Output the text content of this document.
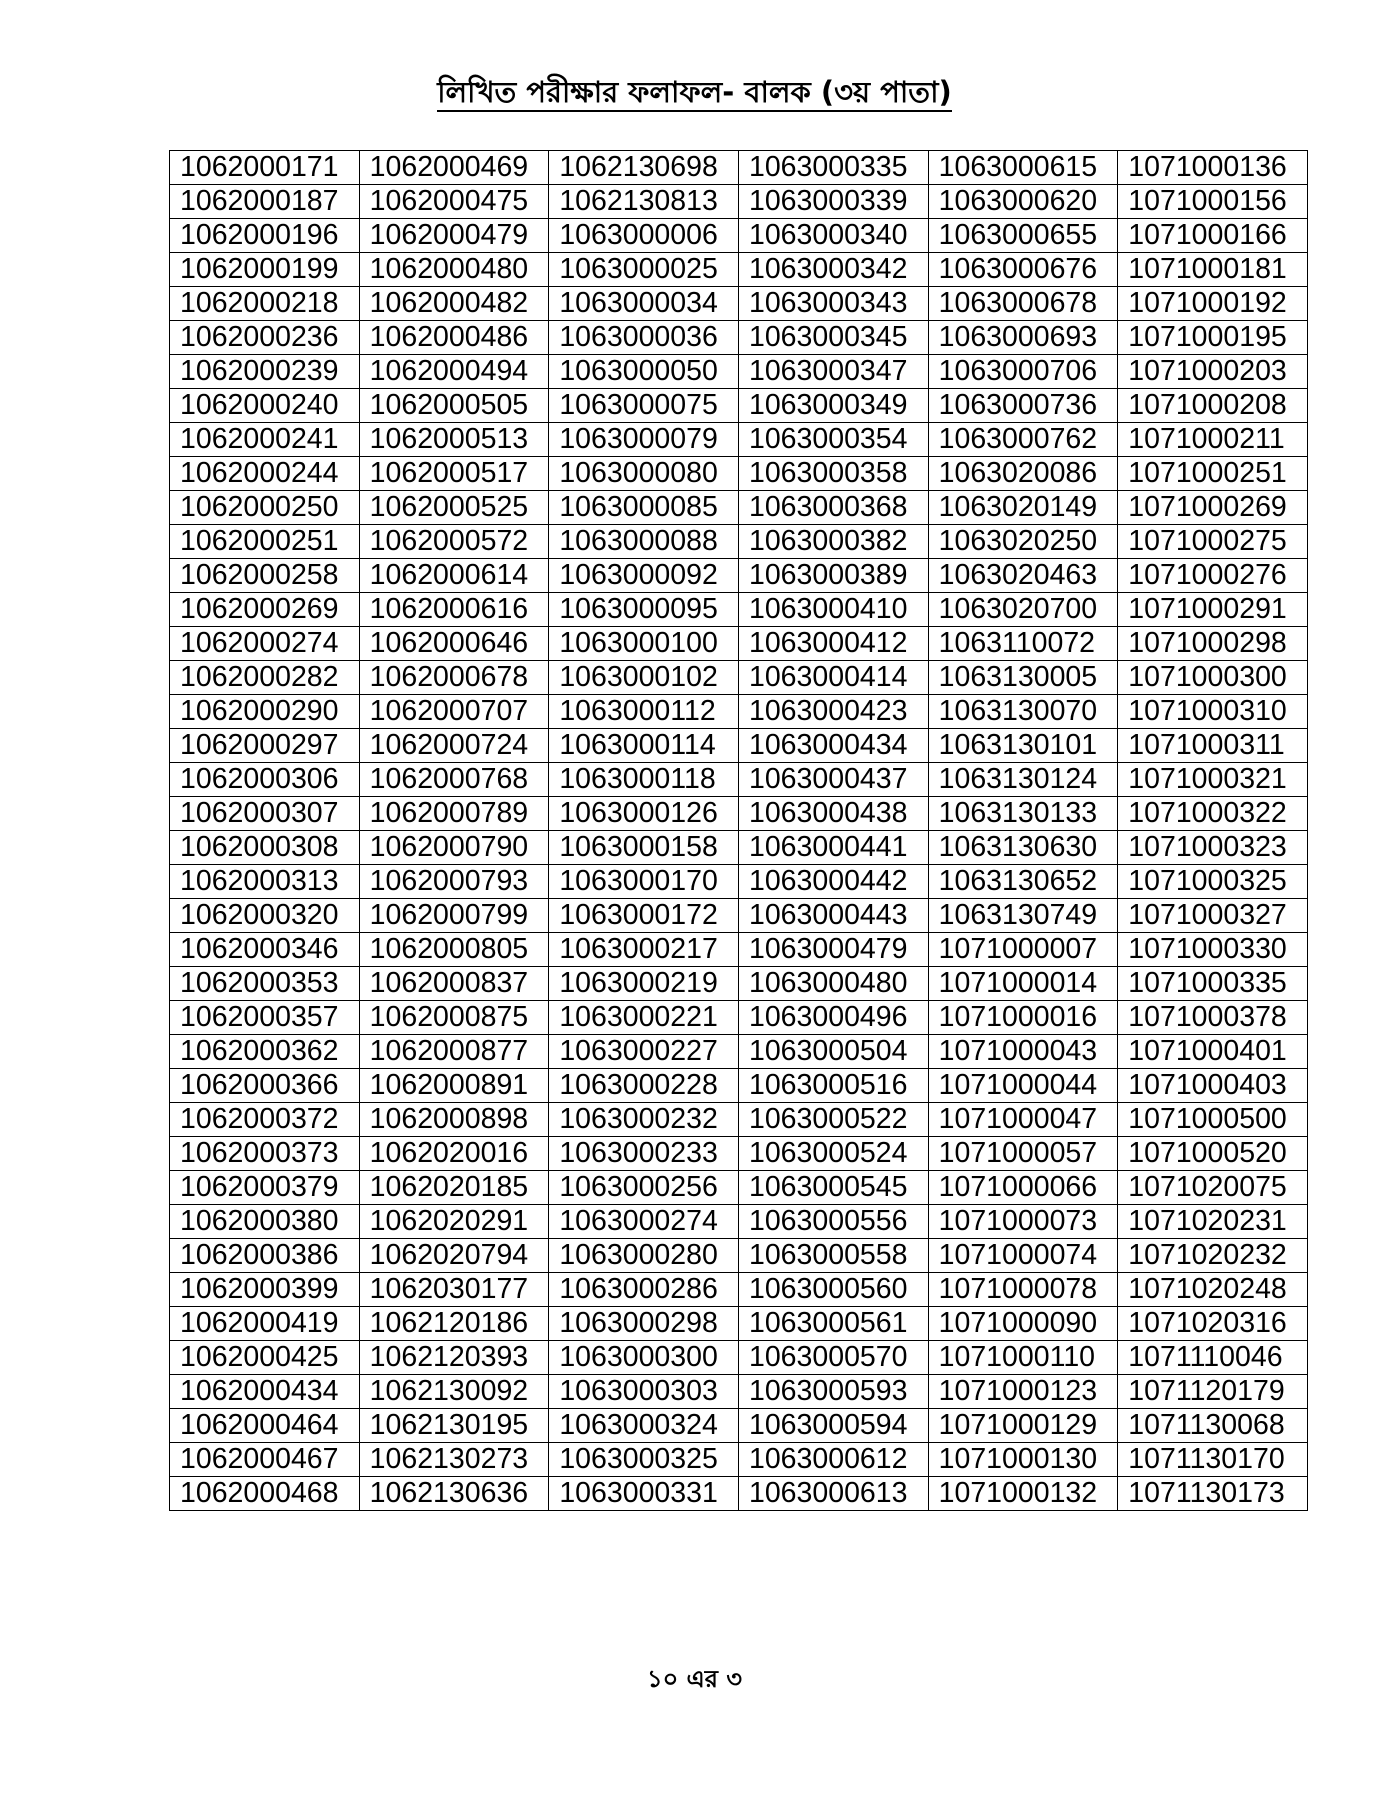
লিখিত পরীক্ষার ফলাফল- বালক (৩য় পাতা)
1062000171	1062000469	1062130698	1063000335	1063000615	1071000136
1062000187	1062000475	1062130813	1063000339	1063000620	1071000156
1062000196	1062000479	1063000006	1063000340	1063000655	1071000166
1062000199	1062000480	1063000025	1063000342	1063000676	1071000181
1062000218	1062000482	1063000034	1063000343	1063000678	1071000192
1062000236	1062000486	1063000036	1063000345	1063000693	1071000195
1062000239	1062000494	1063000050	1063000347	1063000706	1071000203
1062000240	1062000505	1063000075	1063000349	1063000736	1071000208
1062000241	1062000513	1063000079	1063000354	1063000762	1071000211
1062000244	1062000517	1063000080	1063000358	1063020086	1071000251
1062000250	1062000525	1063000085	1063000368	1063020149	1071000269
1062000251	1062000572	1063000088	1063000382	1063020250	1071000275
1062000258	1062000614	1063000092	1063000389	1063020463	1071000276
1062000269	1062000616	1063000095	1063000410	1063020700	1071000291
1062000274	1062000646	1063000100	1063000412	1063110072	1071000298
1062000282	1062000678	1063000102	1063000414	1063130005	1071000300
1062000290	1062000707	1063000112	1063000423	1063130070	1071000310
1062000297	1062000724	1063000114	1063000434	1063130101	1071000311
1062000306	1062000768	1063000118	1063000437	1063130124	1071000321
1062000307	1062000789	1063000126	1063000438	1063130133	1071000322
1062000308	1062000790	1063000158	1063000441	1063130630	1071000323
1062000313	1062000793	1063000170	1063000442	1063130652	1071000325
1062000320	1062000799	1063000172	1063000443	1063130749	1071000327
1062000346	1062000805	1063000217	1063000479	1071000007	1071000330
1062000353	1062000837	1063000219	1063000480	1071000014	1071000335
1062000357	1062000875	1063000221	1063000496	1071000016	1071000378
1062000362	1062000877	1063000227	1063000504	1071000043	1071000401
1062000366	1062000891	1063000228	1063000516	1071000044	1071000403
1062000372	1062000898	1063000232	1063000522	1071000047	1071000500
1062000373	1062020016	1063000233	1063000524	1071000057	1071000520
1062000379	1062020185	1063000256	1063000545	1071000066	1071020075
1062000380	1062020291	1063000274	1063000556	1071000073	1071020231
1062000386	1062020794	1063000280	1063000558	1071000074	1071020232
1062000399	1062030177	1063000286	1063000560	1071000078	1071020248
1062000419	1062120186	1063000298	1063000561	1071000090	1071020316
1062000425	1062120393	1063000300	1063000570	1071000110	1071110046
1062000434	1062130092	1063000303	1063000593	1071000123	1071120179
1062000464	1062130195	1063000324	1063000594	1071000129	1071130068
1062000467	1062130273	1063000325	1063000612	1071000130	1071130170
1062000468	1062130636	1063000331	1063000613	1071000132	1071130173
১০ এর ৩
